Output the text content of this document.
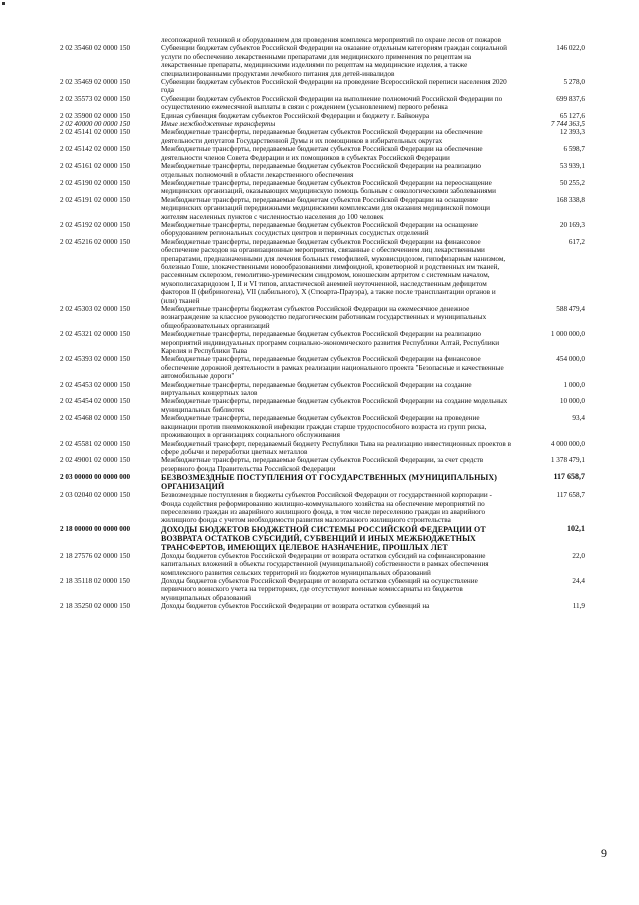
	лесопожарной техникой и оборудованием для проведения комплекса мероприятий по охране лесов от пожаров	
2 02 35460 02 0000 150	Субвенции бюджетам субъектов Российской Федерации на оказание отдельным категориям граждан социальной услуги по обеспечению лекарственными препаратами для медицинского применения по рецептам на лекарственные препараты, медицинскими изделиями по рецептам на медицинские изделия, а также специализированными продуктами лечебного питания для детей-инвалидов	146 022,0
2 02 35469 02 0000 150	Субвенции бюджетам субъектов Российской Федерации на проведение Всероссийской переписи населения 2020 года	5 278,0
2 02 35573 02 0000 150	Субвенции бюджетам субъектов Российской Федерации на выполнение полномочий Российской Федерации по осуществлению ежемесячной выплаты в связи с рождением (усыновлением) первого ребенка	699 837,6
2 02 35900 02 0000 150	Единая субвенция бюджетам субъектов Российской Федерации и бюджету г. Байконура	65 127,6
2 02 40000 00 0000 150	Иные межбюджетные трансферты	7 744 363,5
2 02 45141 02 0000 150	Межбюджетные трансферты, передаваемые бюджетам субъектов Российской Федерации на обеспечение деятельности депутатов Государственной Думы и их помощников в избирательных округах	12 393,3
2 02 45142 02 0000 150	Межбюджетные трансферты, передаваемые бюджетам субъектов Российской Федерации на обеспечение деятельности членов Совета Федерации и их помощников в субъектах Российской Федерации	6 598,7
2 02 45161 02 0000 150	Межбюджетные трансферты, передаваемые бюджетам субъектов Российской Федерации на реализацию отдельных полномочий в области лекарственного обеспечения	53 939,1
2 02 45190 02 0000 150	Межбюджетные трансферты, передаваемые бюджетам субъектов Российской Федерации на переоснащение медицинских организаций, оказывающих медицинскую помощь больным с онкологическими заболеваниями	50 255,2
2 02 45191 02 0000 150	Межбюджетные трансферты, передаваемые бюджетам субъектов Российской Федерации на оснащение медицинских организаций передвижными медицинскими комплексами для оказания медицинской помощи жителям населенных пунктов с численностью населения до 100 человек	168 338,8
2 02 45192 02 0000 150	Межбюджетные трансферты, передаваемые бюджетам субъектов Российской Федерации на оснащение оборудованием региональных сосудистых центров и первичных сосудистых отделений	20 169,3
2 02 45216 02 0000 150	Межбюджетные трансферты, передаваемые бюджетам субъектов Российской Федерации на финансовое обеспечение расходов на организационные мероприятия, связанные с обеспечением лиц лекарственными препаратами, предназначенными для лечения больных гемофилией, муковисцидозом, гипофизарным нанизмом, болезнью Гоше, злокачественными новообразованиями лимфоидной, кроветворной и родственных им тканей, рассеянным склерозом, гемолитико-уремическим синдромом, юношеским артритом с системным началом, мукополисахаридозом I, II и VI типов, апластической анемией неуточненной, наследственным дефицитом факторов II (фибриногена), VII (лабильного), X (Стюарта-Прауэра), а также после трансплантации органов и (или) тканей	617,2
2 02 45303 02 0000 150	Межбюджетные трансферты бюджетам субъектов Российской Федерации на ежемесячное денежное вознаграждение за классное руководство педагогическим работникам государственных и муниципальных общеобразовательных организаций	588 479,4
2 02 45321 02 0000 150	Межбюджетные трансферты, передаваемые бюджетам субъектов Российской Федерации на реализацию мероприятий индивидуальных программ социально-экономического развития Республики Алтай, Республики Карелия и Республики Тыва	1 000 000,0
2 02 45393 02 0000 150	Межбюджетные трансферты, передаваемые бюджетам субъектов Российской Федерации на финансовое обеспечение дорожной деятельности в рамках реализации национального проекта "Безопасные и качественные автомобильные дороги"	454 000,0
2 02 45453 02 0000 150	Межбюджетные трансферты, передаваемые бюджетам субъектов Российской Федерации на создание виртуальных концертных залов	1 000,0
2 02 45454 02 0000 150	Межбюджетные трансферты, передаваемые бюджетам субъектов Российской Федерации на создание модельных муниципальных библиотек	10 000,0
2 02 45468 02 0000 150	Межбюджетные трансферты, передаваемые бюджетам субъектов Российской Федерации на проведение вакцинации против пневмококковой инфекции граждан старше трудоспособного возраста из групп риска, проживающих в организациях социального обслуживания	93,4
2 02 45581 02 0000 150	Межбюджетный трансферт, передаваемый бюджету Республики Тыва на реализацию инвестиционных проектов в сфере добычи и переработки цветных металлов	4 000 000,0
2 02 49001 02 0000 150	Межбюджетные трансферты, передаваемые бюджетам субъектов Российской Федерации, за счет средств резервного фонда Правительства Российской Федерации	1 378 479,1
2 03 00000 00 0000 000	БЕЗВОЗМЕЗДНЫЕ ПОСТУПЛЕНИЯ ОТ ГОСУДАРСТВЕННЫХ (МУНИЦИПАЛЬНЫХ) ОРГАНИЗАЦИЙ	117 658,7
2 03 02040 02 0000 150	Безвозмездные поступления в бюджеты субъектов Российской Федерации от государственной корпорации - Фонда содействия реформированию жилищно-коммунального хозяйства на обеспечение мероприятий по переселению граждан из аварийного жилищного фонда, в том числе переселению граждан из аварийного жилищного фонда с учетом необходимости развития малоэтажного жилищного строительства	117 658,7
2 18 00000 00 0000 000	ДОХОДЫ БЮДЖЕТОВ БЮДЖЕТНОЙ СИСТЕМЫ РОССИЙСКОЙ ФЕДЕРАЦИИ ОТ ВОЗВРАТА ОСТАТКОВ СУБСИДИЙ, СУБВЕНЦИЙ И ИНЫХ МЕЖБЮДЖЕТНЫХ ТРАНСФЕРТОВ, ИМЕЮЩИХ ЦЕЛЕВОЕ НАЗНАЧЕНИЕ, ПРОШЛЫХ ЛЕТ	102,1
2 18 27576 02 0000 150	Доходы бюджетов субъектов Российской Федерации от возврата остатков субсидий на софинансирование капитальных вложений в объекты государственной (муниципальной) собственности в рамках обеспечения комплексного развития сельских территорий из бюджетов муниципальных образований	22,0
2 18 35118 02 0000 150	Доходы бюджетов субъектов Российской Федерации от возврата остатков субвенций на осуществление первичного воинского учета на территориях, где отсутствуют военные комиссариаты из бюджетов муниципальных образований	24,4
2 18 35250 02 0000 150	Доходы бюджетов субъектов Российской Федерации от возврата остатков субвенций на	11,9
9
